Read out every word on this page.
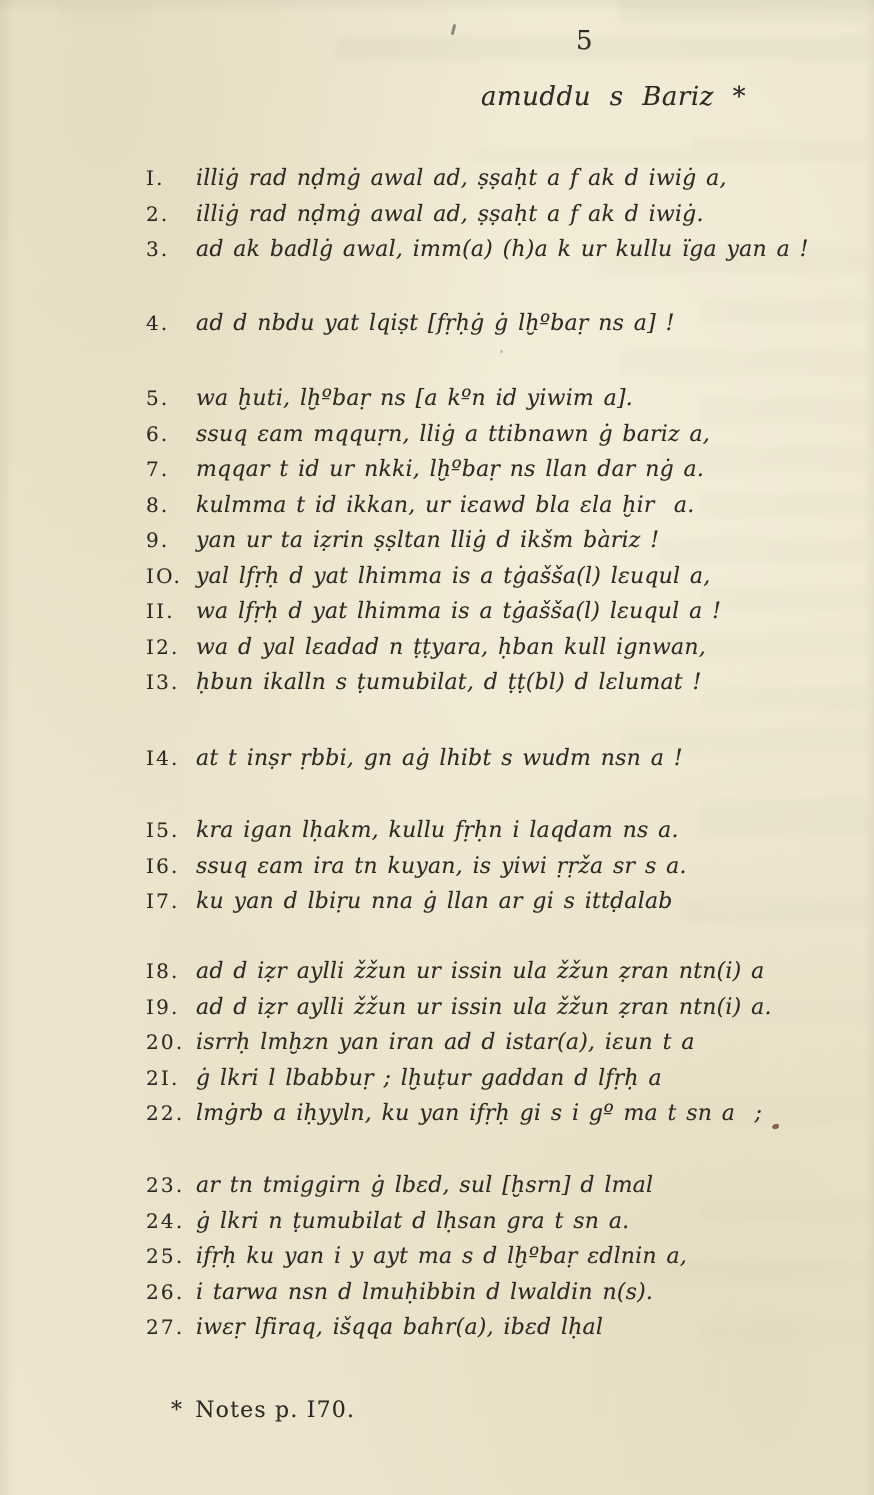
5
amuddu s Bariz *
I.	illiġ rad nḍmġ awal ad, ṣṣaḥt a f ak d iwiġ a,
2.	illiġ rad nḍmġ awal ad, ṣṣaḥt a f ak d iwiġ.
3.	ad ak badlġ awal, imm(a) (h)a k ur kullu ïga yan a !
4.	ad d nbdu yat lqiṣt [fṛḥġ ġ lḫºbaṛ ns a] !
5.	wa ḫuti, lḫºbaṛ ns [a kºn id yiwim a].
6.	ssuq ɛam mqquṛn, lliġ a ttibnawn ġ bariz a,
7.	mqqar t id ur nkki, lḫºbaṛ ns llan dar nġ a.
8.	kulmma t id ikkan, ur iɛawd bla ɛla ḫir  a.
9.	yan ur ta iẓrin ṣṣltan lliġ d ikšm bàriz !
IO. yal lfṛḥ d yat lhimma is a tġašša(l) lɛuqul a,
II. wa lfṛḥ d yat lhimma is a tġašša(l) lɛuqul a !
I2. wa d yal lɛadad n ṭṭyara, ḥban kull ignwan,
I3. ḥbun ikalln s ṭumubilat, d ṭṭ(bl) d lɛlumat !
I4. at t inṣr ṛbbi, gn aġ lhibt s wudm nsn a !
I5. kra igan lḥakm, kullu fṛḥn i laqdam ns a.
I6. ssuq ɛam ira tn kuyan, is yiwi ṛṛža sr s a.
I7. ku yan d lbiṛu nna ġ llan ar gi s ittḍalab
I8. ad d iẓr aylli žžun ur issin ula žžun ẓran ntn(i) a
I9. ad d iẓr aylli žžun ur issin ula žžun ẓran ntn(i) a.
20. isrrḥ lmḫzn yan iran ad d istar(a), iɛun t a
2I. ġ lkri l lbabbuṛ ; lḫuṭur gaddan d lfṛḥ a
22. lmġrb a iḥyyln, ku yan ifṛḥ gi s i gº ma t sn a  ;
23. ar tn tmiggirn ġ lbɛd, sul [ḫsrn] d lmal
24. ġ lkri n ṭumubilat d lḥsan gra t sn a.
25. ifṛḥ ku yan i y ayt ma s d lḫºbaṛ ɛdlnin a,
26. i tarwa nsn d lmuḥibbin d lwaldin n(s).
27. iwɛṛ lfiraq, išqqa bahr(a), ibɛd lḥal
* Notes p. I70.
